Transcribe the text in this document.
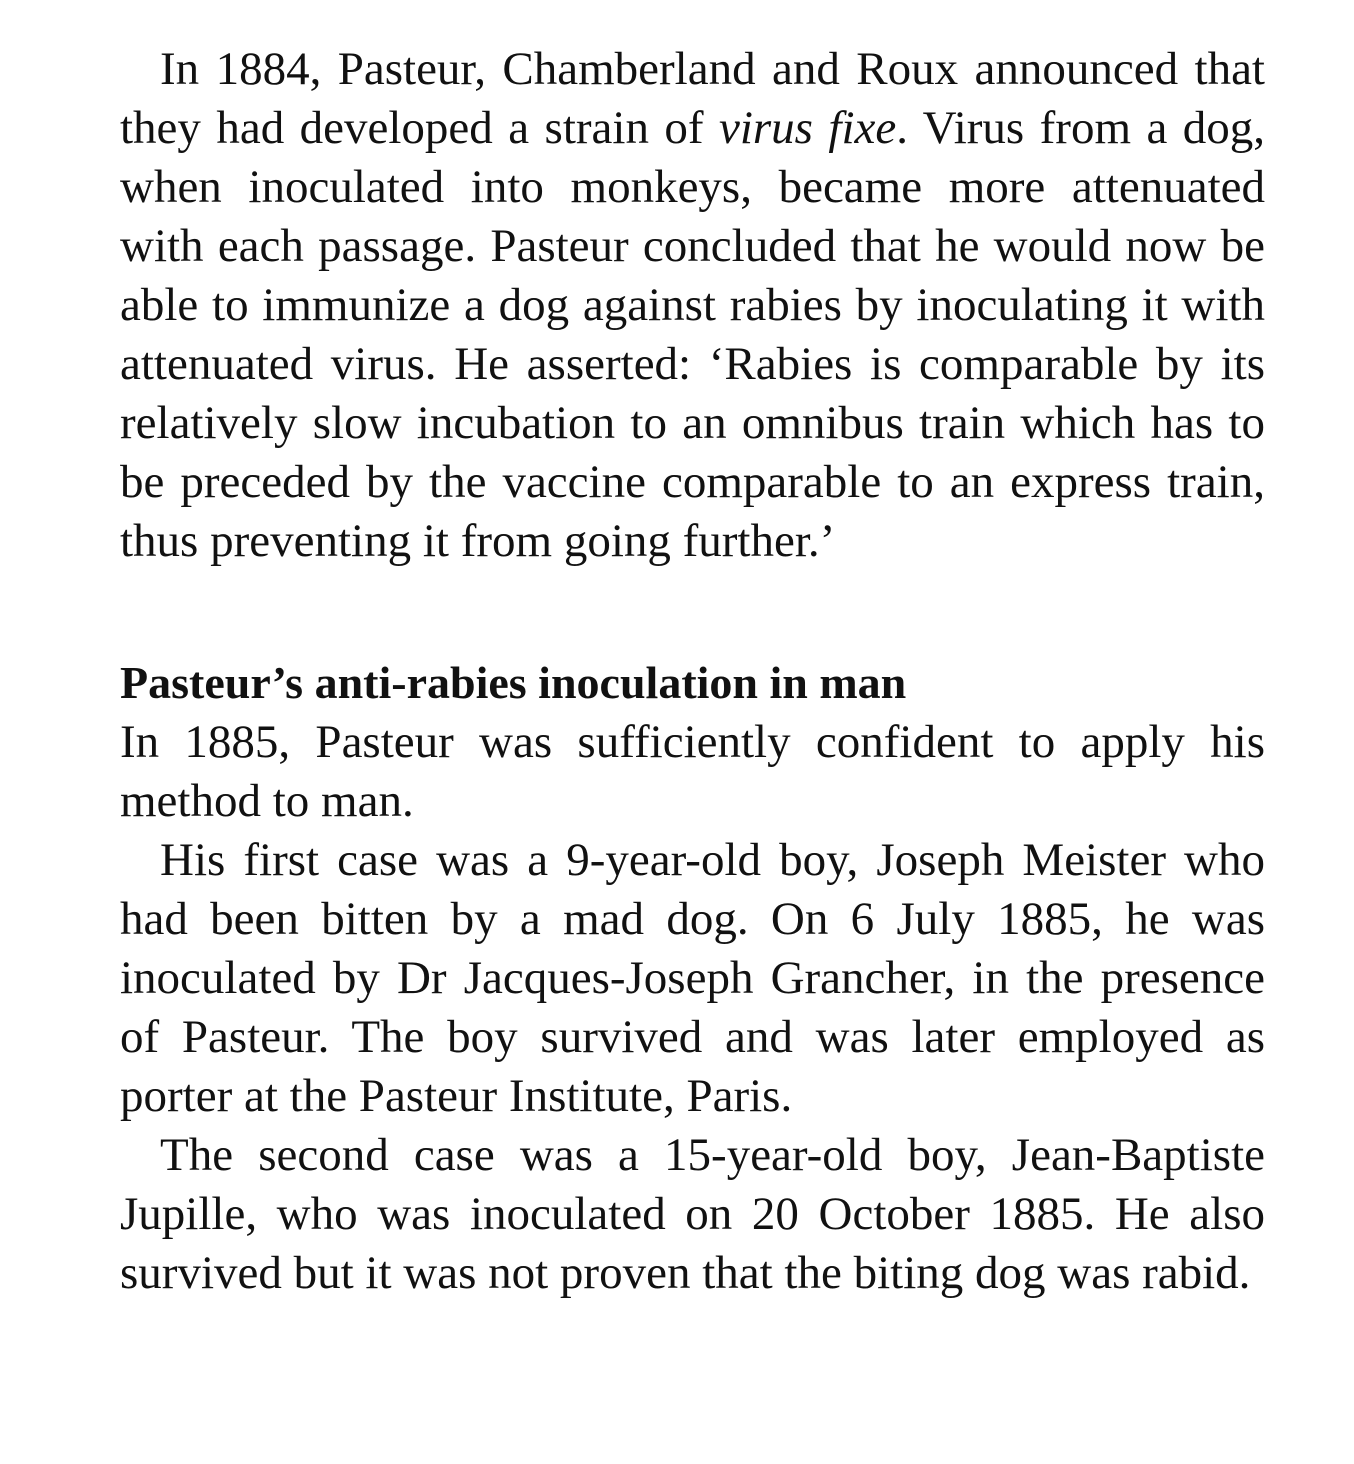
In 1884, Pasteur, Chamberland and Roux announced that they had developed a strain of virus fixe. Virus from a dog, when inoculated into monkeys, became more attenuated with each passage. Pasteur concluded that he would now be able to immunize a dog against rabies by inoculating it with attenuated virus. He asserted: ‘Rabies is comparable by its relatively slow incubation to an omnibus train which has to be preceded by the vaccine comparable to an express train, thus preventing it from going further.’

Pasteur’s anti-rabies inoculation in man

In 1885, Pasteur was sufficiently confident to apply his method to man.

His first case was a 9-year-old boy, Joseph Meister who had been bitten by a mad dog. On 6 July 1885, he was inoculated by Dr Jacques-Joseph Grancher, in the presence of Pasteur. The boy survived and was later employed as porter at the Pasteur Institute, Paris.

The second case was a 15-year-old boy, Jean-Baptiste Jupille, who was inoculated on 20 October 1885. He also survived but it was not proven that the biting dog was rabid.
